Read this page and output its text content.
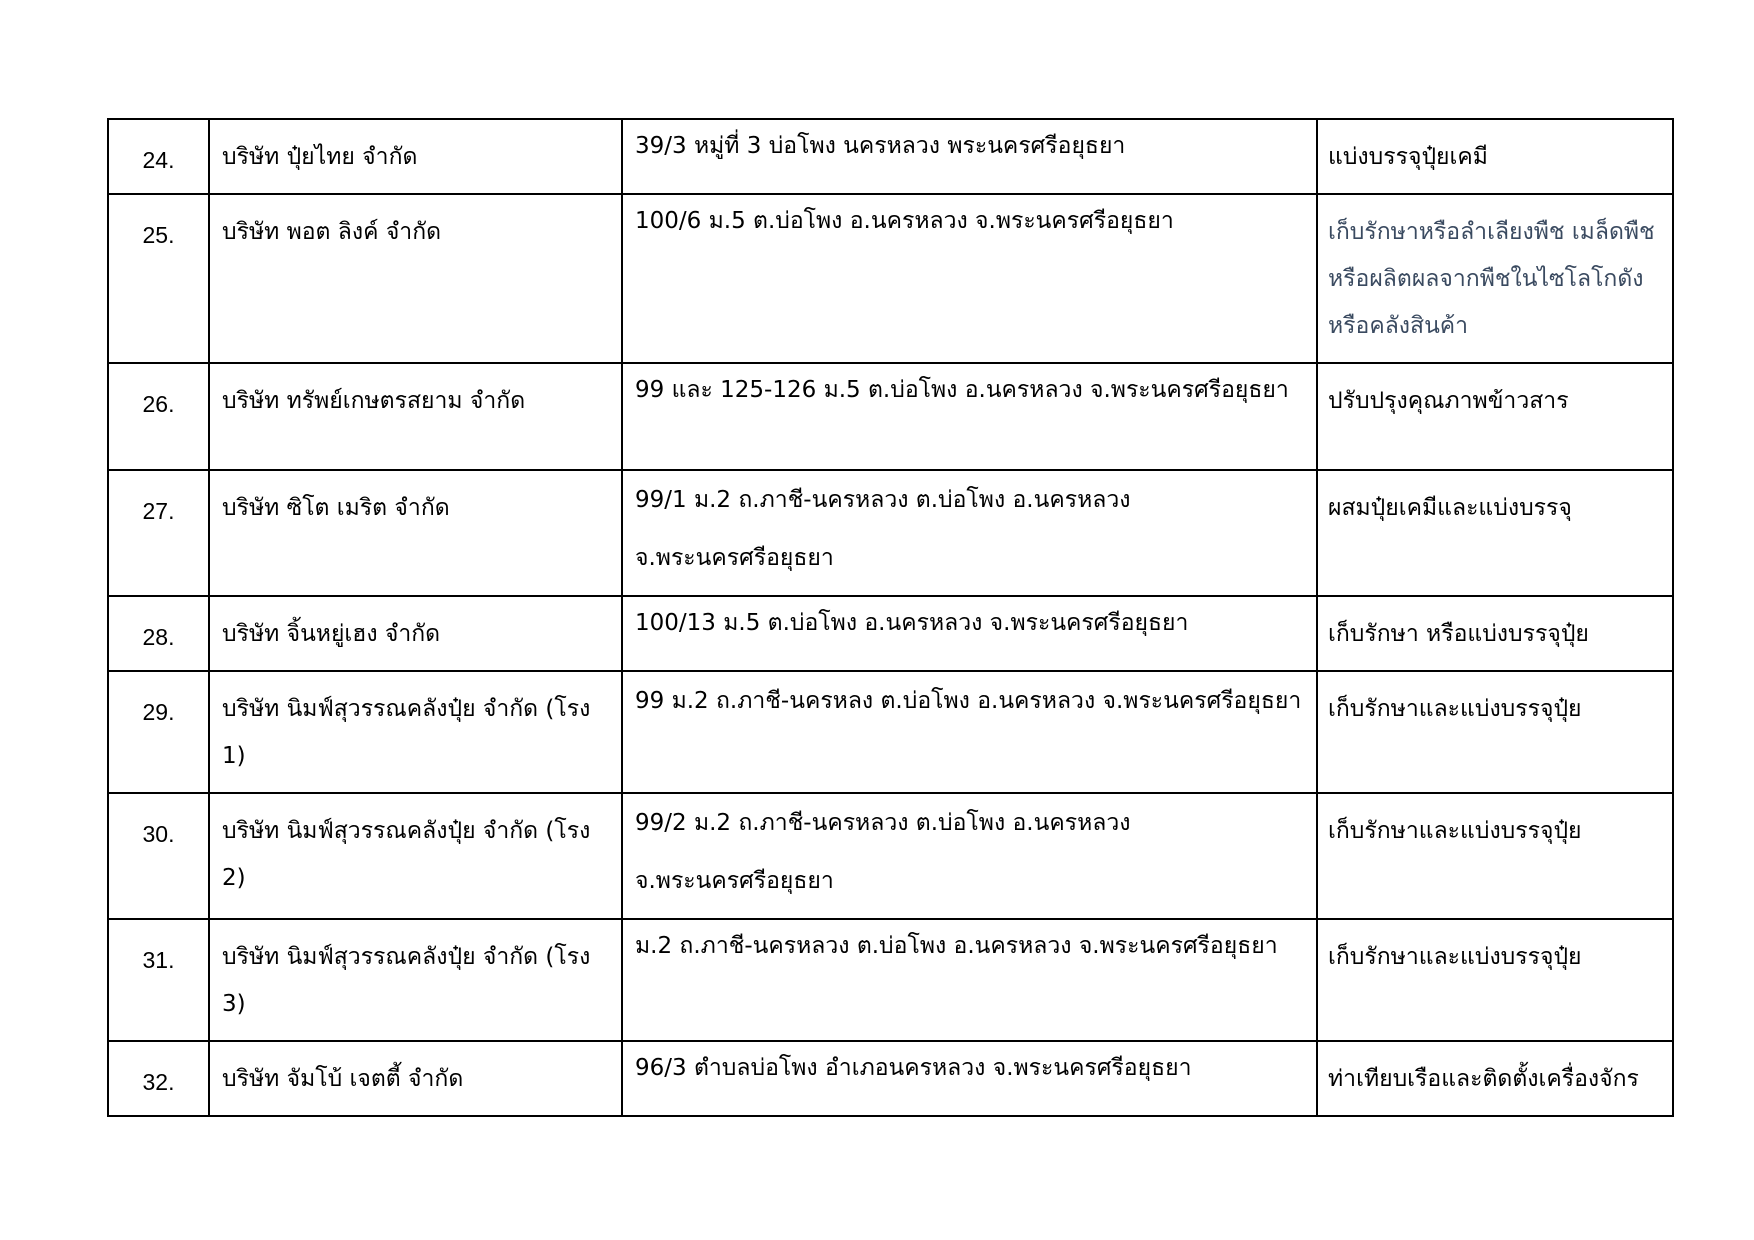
24.	บริษัท ปุ๋ยไทย จำกัด	39/3 หมู่ที่ 3 บ่อโพง นครหลวง พระนครศรีอยุธยา	แบ่งบรรจุปุ๋ยเคมี

25.	บริษัท พอต ลิงค์ จำกัด	100/6 ม.5 ต.บ่อโพง อ.นครหลวง จ.พระนครศรีอยุธยา	เก็บรักษาหรือลำเลียงพืช เมล็ดพืช หรือผลิตผลจากพืชในไซโลโกดังหรือคลังสินค้า

26.	บริษัท ทรัพย์เกษตรสยาม จำกัด	99 และ 125-126 ม.5 ต.บ่อโพง อ.นครหลวง จ.พระนครศรีอยุธยา	ปรับปรุงคุณภาพข้าวสาร

27.	บริษัท ซิโต เมริต จำกัด	99/1 ม.2 ถ.ภาชี-นครหลวง ต.บ่อโพง อ.นครหลวง จ.พระนครศรีอยุธยา	ผสมปุ๋ยเคมีและแบ่งบรรจุ

28.	บริษัท จิ้นหยู่เฮง จำกัด	100/13 ม.5 ต.บ่อโพง อ.นครหลวง จ.พระนครศรีอยุธยา	เก็บรักษา หรือแบ่งบรรจุปุ๋ย

29.	บริษัท นิมฟ์สุวรรณคลังปุ๋ย จำกัด (โรง 1)	99 ม.2 ถ.ภาชี-นครหลง ต.บ่อโพง อ.นครหลวง จ.พระนครศรีอยุธยา	เก็บรักษาและแบ่งบรรจุปุ๋ย

30.	บริษัท นิมฟ์สุวรรณคลังปุ๋ย จำกัด (โรง 2)	99/2 ม.2 ถ.ภาชี-นครหลวง ต.บ่อโพง อ.นครหลวง จ.พระนครศรีอยุธยา	เก็บรักษาและแบ่งบรรจุปุ๋ย

31.	บริษัท นิมฟ์สุวรรณคลังปุ๋ย จำกัด (โรง 3)	ม.2 ถ.ภาชี-นครหลวง ต.บ่อโพง อ.นครหลวง จ.พระนครศรีอยุธยา	เก็บรักษาและแบ่งบรรจุปุ๋ย

32.	บริษัท จัมโบ้ เจตตี้ จำกัด	96/3 ตำบลบ่อโพง อำเภอนครหลวง จ.พระนครศรีอยุธยา	ท่าเทียบเรือและติดตั้งเครื่องจักร
